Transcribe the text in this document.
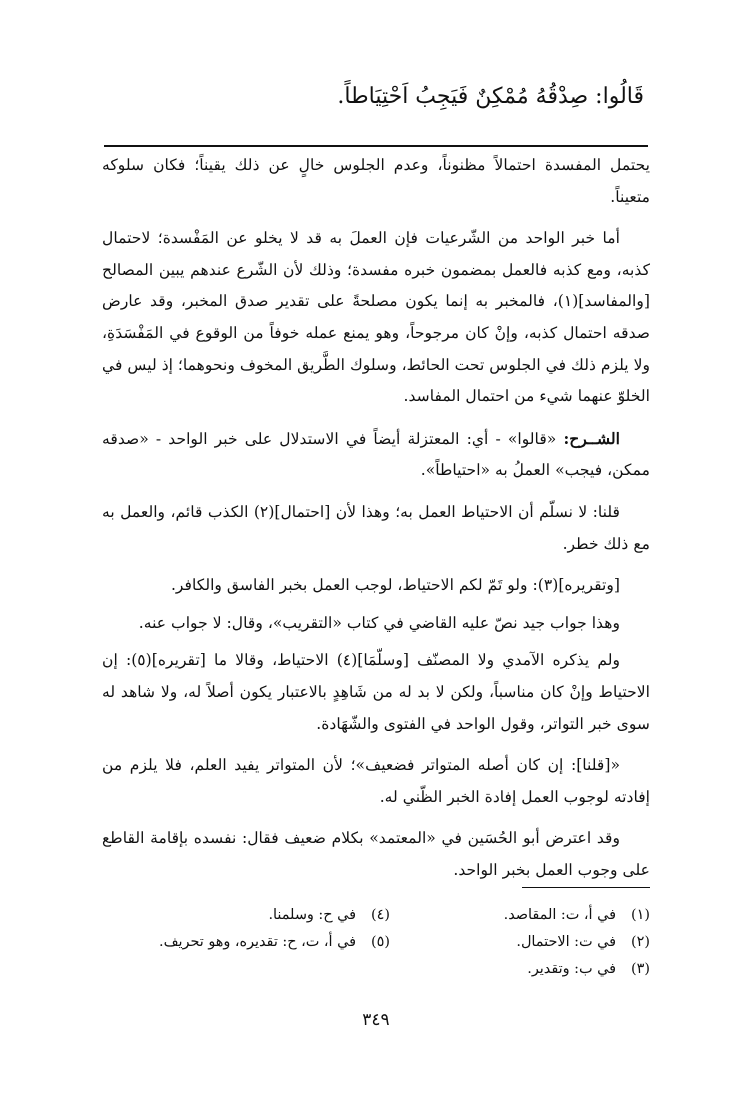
قَالُوا: صِدْقُهُ مُمْكِنٌ فَيَجِبُ اَحْتِيَاطاً.

يحتمل المفسدة احتمالاً مظنوناً، وعدم الجلوس خالٍ عن ذلك يقيناً؛ فكان سلوكه متعيناً.

أما خبر الواحد من الشّرعيات فإن العملَ به قد لا يخلو عن المَفْسدة؛ لاحتمال كذبه، ومع كذبه فالعمل بمضمون خبره مفسدة؛ وذلك لأن الشّرع عندهم يبين المصالح [والمفاسد](١)، فالمخبر به إنما يكون مصلحةً على تقدير صدق المخبر، وقد عارض صدقه احتمال كذبه، وإنْ كان مرجوحاً، وهو يمنع عمله خوفاً من الوقوع في المَفْسَدَةِ، ولا يلزم ذلك في الجلوس تحت الحائط، وسلوك الطَّريق المخوف ونحوهما؛ إذ ليس في الخلوّ عنهما شيء من احتمال المفاسد.

الشــرح: «قالوا» - أي: المعتزلة أيضاً في الاستدلال على خبر الواحد - «صدقه ممكن، فيجب» العملُ به «احتياطاً».

قلنا: لا نسلّم أن الاحتياط العمل به؛ وهذا لأن [احتمال](٢) الكذب قائم، والعمل به مع ذلك خطر.

[وتقريره](٣): ولو تَمّ لكم الاحتياط، لوجب العمل بخبر الفاسق والكافر.

وهذا جواب جيد نصّ عليه القاضي في كتاب «التقريب»، وقال: لا جواب عنه.

ولم يذكره الآمدي ولا المصنّف [وسلّمَا](٤) الاحتياط، وقالا ما [تقريره](٥): إن الاحتياط وإنْ كان مناسباً، ولكن لا بد له من شَاهِدٍ بالاعتبار يكون أصلاً له، ولا شاهد له سوى خبر التواتر، وقول الواحد في الفتوى والشّهَادة.

«[قلنا]: إن كان أصله المتواتر فضعيف»؛ لأن المتواتر يفيد العلم، فلا يلزم من إفادته لوجوب العمل إفادة الخبر الظّني له.

وقد اعترض أبو الحُسَين في «المعتمد» بكلام ضعيف فقال: نفسده بإقامة القاطع على وجوب العمل بخبر الواحد.

(١)في أ، ت: المقاصد.
(٢)في ت: الاحتمال.
(٣)في ب: وتقدير.
(٤)في ح: وسلمنا.
(٥)في أ، ت، ح: تقديره، وهو تحريف.
٣٤٩
